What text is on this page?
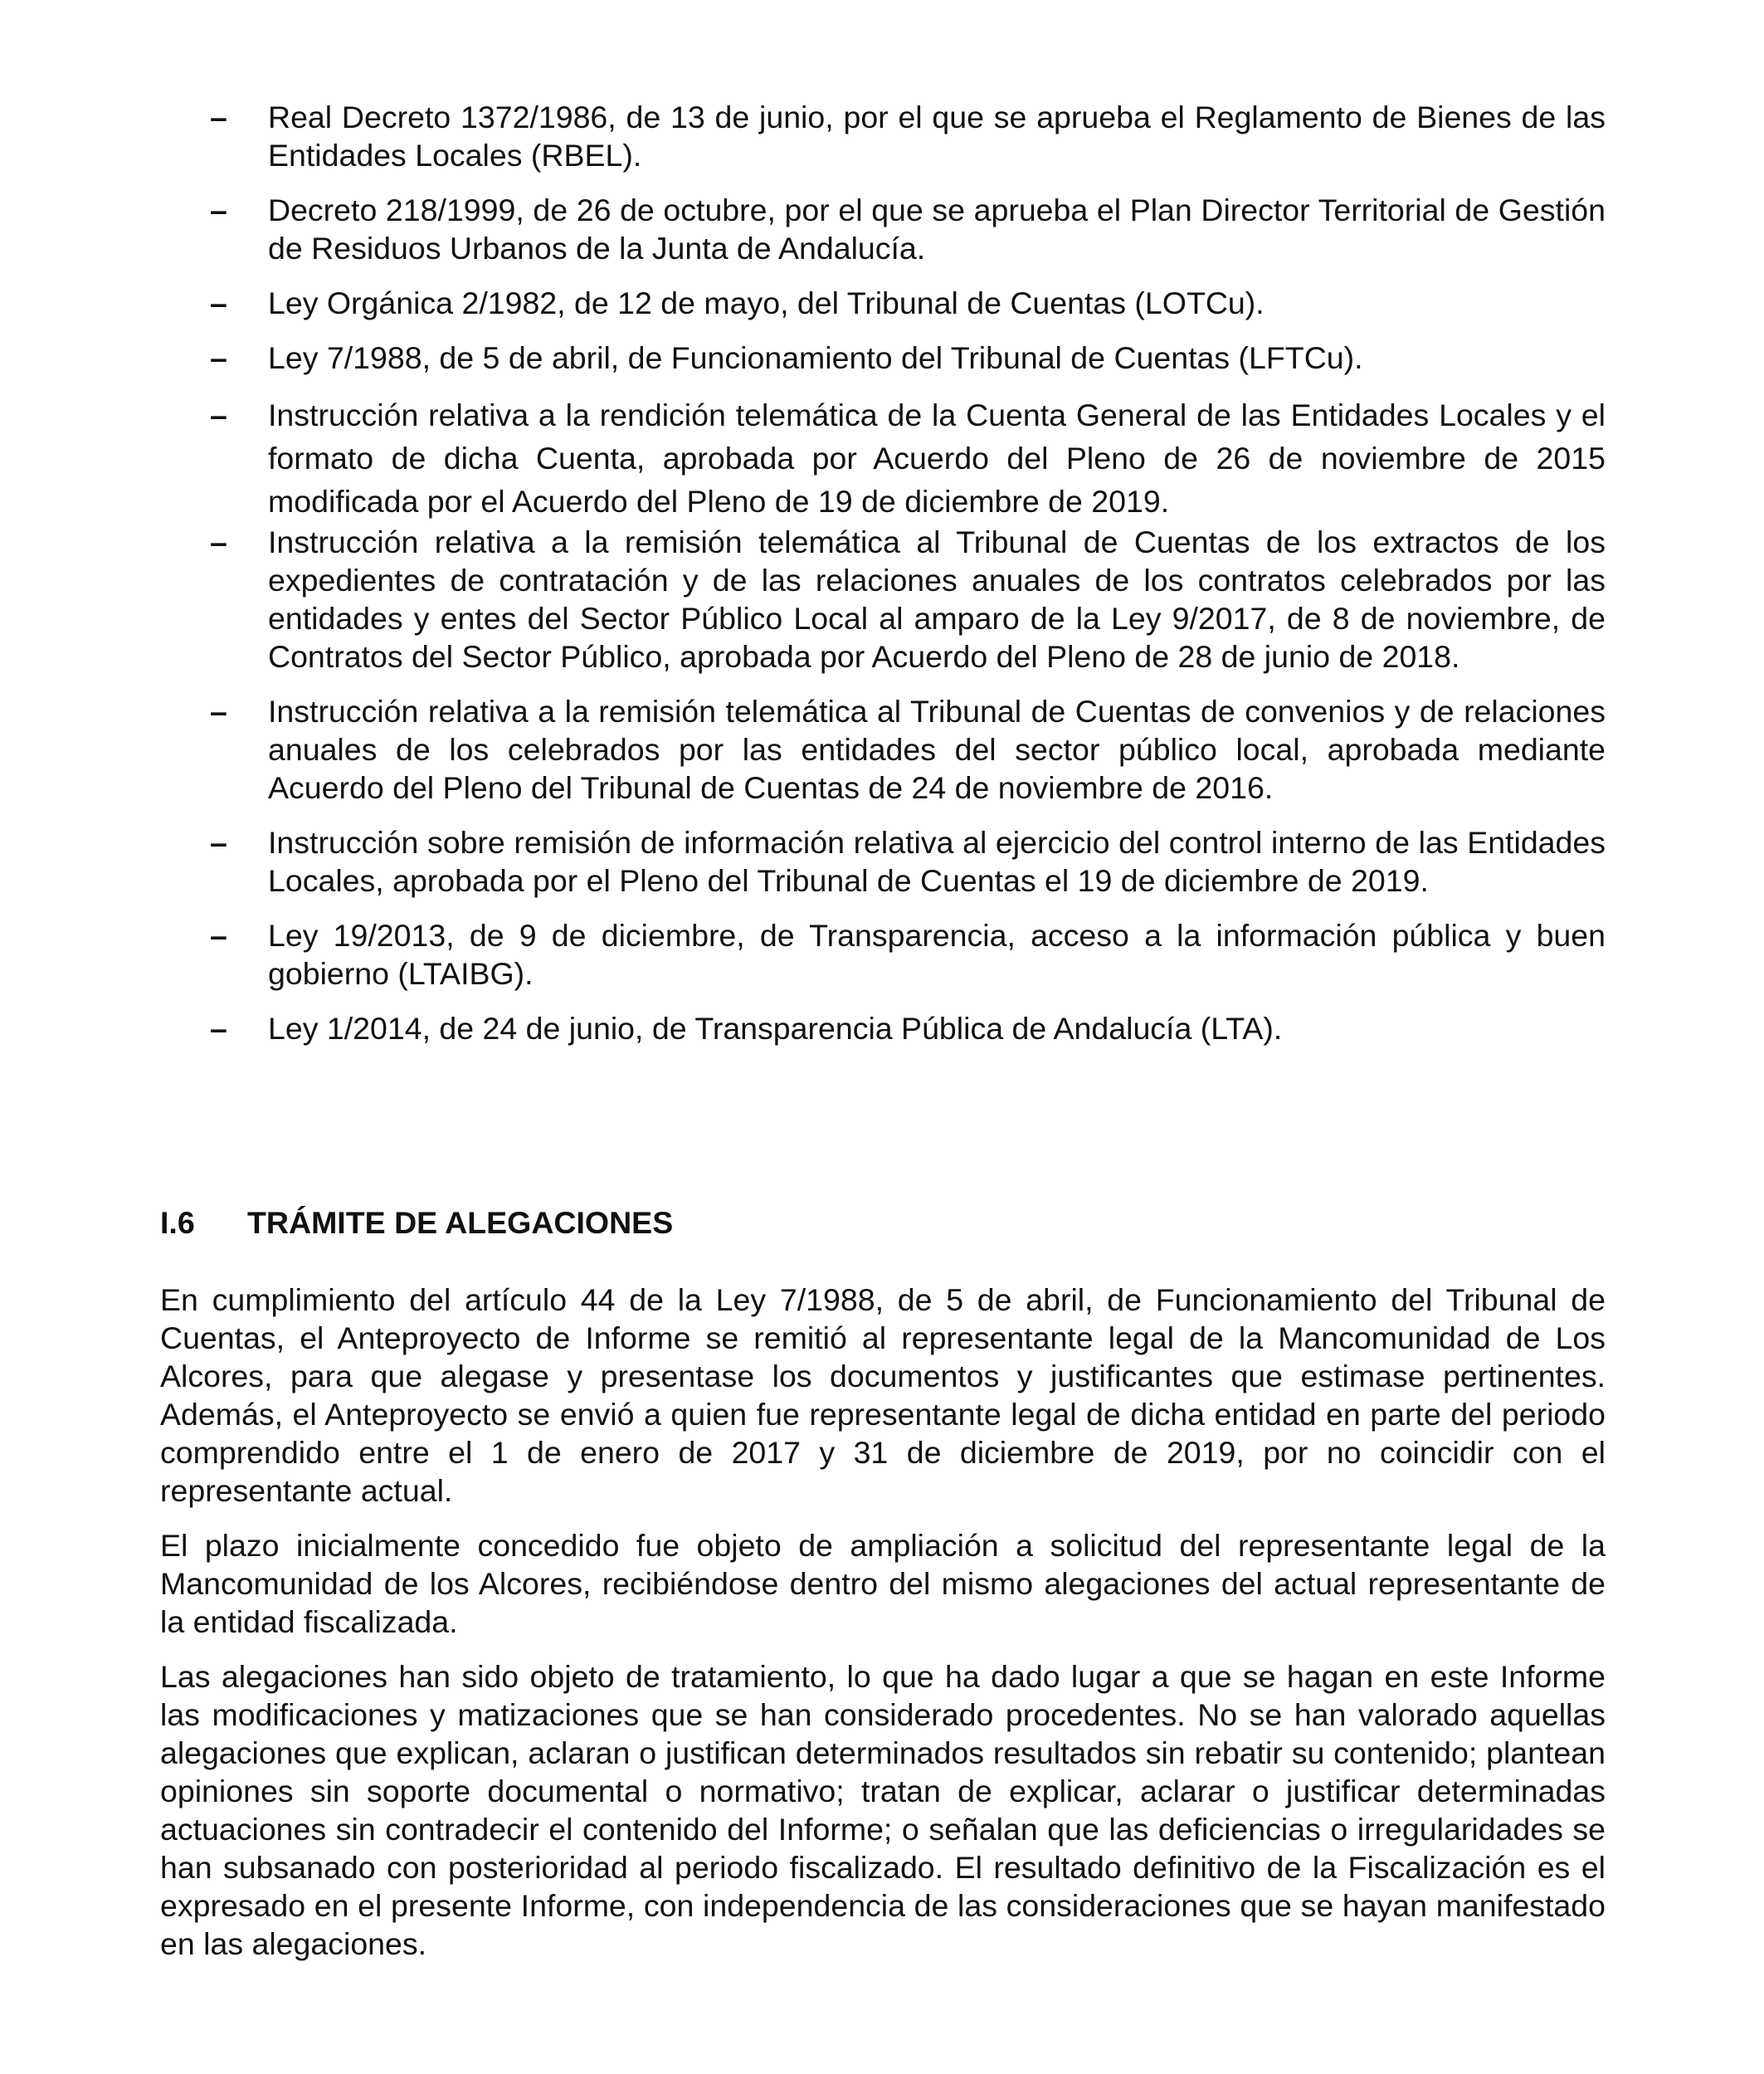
–	Real Decreto 1372/1986, de 13 de junio, por el que se aprueba el Reglamento de Bienes de las Entidades Locales (RBEL).
–	Decreto 218/1999, de 26 de octubre, por el que se aprueba el Plan Director Territorial de Gestión de Residuos Urbanos de la Junta de Andalucía.
–	Ley Orgánica 2/1982, de 12 de mayo, del Tribunal de Cuentas (LOTCu).
–	Ley 7/1988, de 5 de abril, de Funcionamiento del Tribunal de Cuentas (LFTCu).
–	Instrucción relativa a la rendición telemática de la Cuenta General de las Entidades Locales y el formato de dicha Cuenta, aprobada por Acuerdo del Pleno de 26 de noviembre de 2015 modificada por el Acuerdo del Pleno de 19 de diciembre de 2019.
–	Instrucción relativa a la remisión telemática al Tribunal de Cuentas de los extractos de los expedientes de contratación y de las relaciones anuales de los contratos celebrados por las entidades y entes del Sector Público Local al amparo de la Ley 9/2017, de 8 de noviembre, de Contratos del Sector Público, aprobada por Acuerdo del Pleno de 28 de junio de 2018.
–	Instrucción relativa a la remisión telemática al Tribunal de Cuentas de convenios y de relaciones anuales de los celebrados por las entidades del sector público local, aprobada mediante Acuerdo del Pleno del Tribunal de Cuentas de 24 de noviembre de 2016.
–	Instrucción sobre remisión de información relativa al ejercicio del control interno de las Entidades Locales, aprobada por el Pleno del Tribunal de Cuentas el 19 de diciembre de 2019.
–	Ley 19/2013, de 9 de diciembre, de Transparencia, acceso a la información pública y buen gobierno (LTAIBG).
–	Ley 1/2014, de 24 de junio, de Transparencia Pública de Andalucía (LTA).
I.6	TRÁMITE DE ALEGACIONES

En cumplimiento del artículo 44 de la Ley 7/1988, de 5 de abril, de Funcionamiento del Tribunal de Cuentas, el Anteproyecto de Informe se remitió al representante legal de la Mancomunidad de Los Alcores, para que alegase y presentase los documentos y justificantes que estimase pertinentes. Además, el Anteproyecto se envió a quien fue representante legal de dicha entidad en parte del periodo comprendido entre el 1 de enero de 2017 y 31 de diciembre de 2019, por no coincidir con el representante actual.

El plazo inicialmente concedido fue objeto de ampliación a solicitud del representante legal de la Mancomunidad de los Alcores, recibiéndose dentro del mismo alegaciones del actual representante de la entidad fiscalizada.

Las alegaciones han sido objeto de tratamiento, lo que ha dado lugar a que se hagan en este Informe las modificaciones y matizaciones que se han considerado procedentes. No se han valorado aquellas alegaciones que explican, aclaran o justifican determinados resultados sin rebatir su contenido; plantean opiniones sin soporte documental o normativo; tratan de explicar, aclarar o justificar determinadas actuaciones sin contradecir el contenido del Informe; o señalan que las deficiencias o irregularidades se han subsanado con posterioridad al periodo fiscalizado. El resultado definitivo de la Fiscalización es el expresado en el presente Informe, con independencia de las consideraciones que se hayan manifestado en las alegaciones.
